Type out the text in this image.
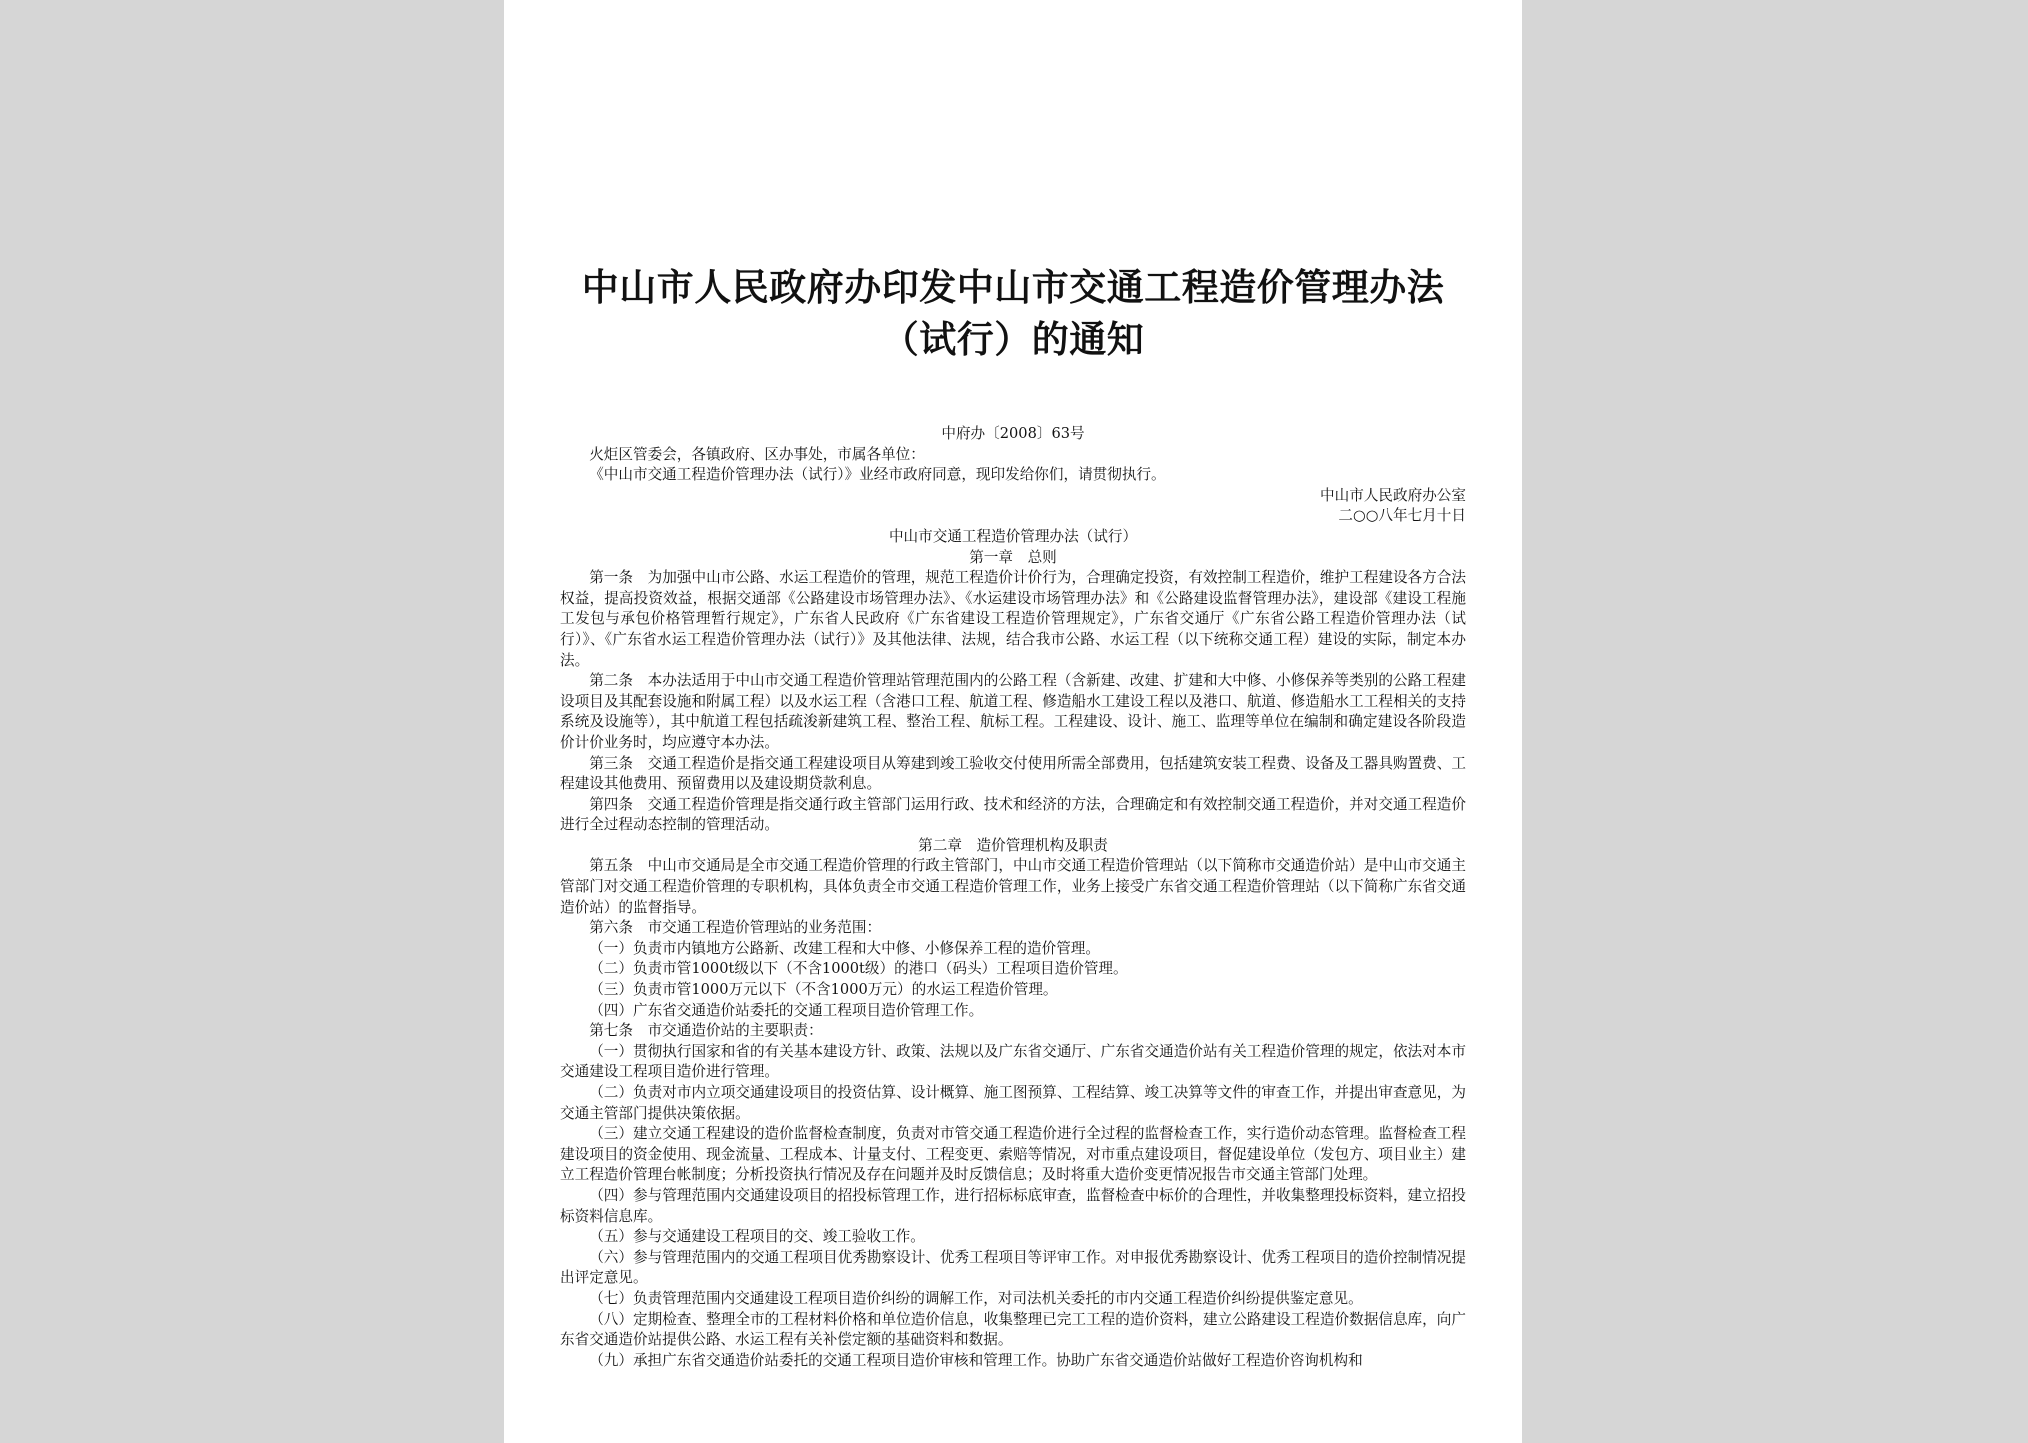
中山市人民政府办印发中山市交通工程造价管理办法
（试行）的通知

中府办〔2008〕63号

火炬区管委会，各镇政府、区办事处，市属各单位：

《中山市交通工程造价管理办法（试行）》业经市政府同意，现印发给你们，请贯彻执行。

中山市人民政府办公室

二○○八年七月十日

中山市交通工程造价管理办法（试行）

第一章　总则

第一条　为加强中山市公路、水运工程造价的管理，规范工程造价计价行为，合理确定投资，有效控制工程造价，维护工程建设各方合法权益，提高投资效益，根据交通部《公路建设市场管理办法》、《水运建设市场管理办法》和《公路建设监督管理办法》，建设部《建设工程施工发包与承包价格管理暂行规定》，广东省人民政府《广东省建设工程造价管理规定》，广东省交通厅《广东省公路工程造价管理办法（试行）》、《广东省水运工程造价管理办法（试行）》及其他法律、法规，结合我市公路、水运工程（以下统称交通工程）建设的实际，制定本办法。

第二条　本办法适用于中山市交通工程造价管理站管理范围内的公路工程（含新建、改建、扩建和大中修、小修保养等类别的公路工程建设项目及其配套设施和附属工程）以及水运工程（含港口工程、航道工程、修造船水工建设工程以及港口、航道、修造船水工工程相关的支持系统及设施等），其中航道工程包括疏浚新建筑工程、整治工程、航标工程。工程建设、设计、施工、监理等单位在编制和确定建设各阶段造价计价业务时，均应遵守本办法。

第三条　交通工程造价是指交通工程建设项目从筹建到竣工验收交付使用所需全部费用，包括建筑安装工程费、设备及工器具购置费、工程建设其他费用、预留费用以及建设期贷款利息。

第四条　交通工程造价管理是指交通行政主管部门运用行政、技术和经济的方法，合理确定和有效控制交通工程造价，并对交通工程造价进行全过程动态控制的管理活动。

第二章　造价管理机构及职责

第五条　中山市交通局是全市交通工程造价管理的行政主管部门，中山市交通工程造价管理站（以下简称市交通造价站）是中山市交通主管部门对交通工程造价管理的专职机构，具体负责全市交通工程造价管理工作，业务上接受广东省交通工程造价管理站（以下简称广东省交通造价站）的监督指导。

第六条　市交通工程造价管理站的业务范围：

（一）负责市内镇地方公路新、改建工程和大中修、小修保养工程的造价管理。

（二）负责市管1000t级以下（不含1000t级）的港口（码头）工程项目造价管理。

（三）负责市管1000万元以下（不含1000万元）的水运工程造价管理。

（四）广东省交通造价站委托的交通工程项目造价管理工作。

第七条　市交通造价站的主要职责：

（一）贯彻执行国家和省的有关基本建设方针、政策、法规以及广东省交通厅、广东省交通造价站有关工程造价管理的规定，依法对本市交通建设工程项目造价进行管理。

（二）负责对市内立项交通建设项目的投资估算、设计概算、施工图预算、工程结算、竣工决算等文件的审查工作，并提出审查意见，为交通主管部门提供决策依据。

（三）建立交通工程建设的造价监督检查制度，负责对市管交通工程造价进行全过程的监督检查工作，实行造价动态管理。监督检查工程建设项目的资金使用、现金流量、工程成本、计量支付、工程变更、索赔等情况，对市重点建设项目，督促建设单位（发包方、项目业主）建立工程造价管理台帐制度；分析投资执行情况及存在问题并及时反馈信息；及时将重大造价变更情况报告市交通主管部门处理。

（四）参与管理范围内交通建设项目的招投标管理工作，进行招标标底审查，监督检查中标价的合理性，并收集整理投标资料，建立招投标资料信息库。

（五）参与交通建设工程项目的交、竣工验收工作。

（六）参与管理范围内的交通工程项目优秀勘察设计、优秀工程项目等评审工作。对申报优秀勘察设计、优秀工程项目的造价控制情况提出评定意见。

（七）负责管理范围内交通建设工程项目造价纠纷的调解工作，对司法机关委托的市内交通工程造价纠纷提供鉴定意见。

（八）定期检查、整理全市的工程材料价格和单位造价信息，收集整理已完工工程的造价资料，建立公路建设工程造价数据信息库，向广东省交通造价站提供公路、水运工程有关补偿定额的基础资料和数据。

（九）承担广东省交通造价站委托的交通工程项目造价审核和管理工作。协助广东省交通造价站做好工程造价咨询机构和
